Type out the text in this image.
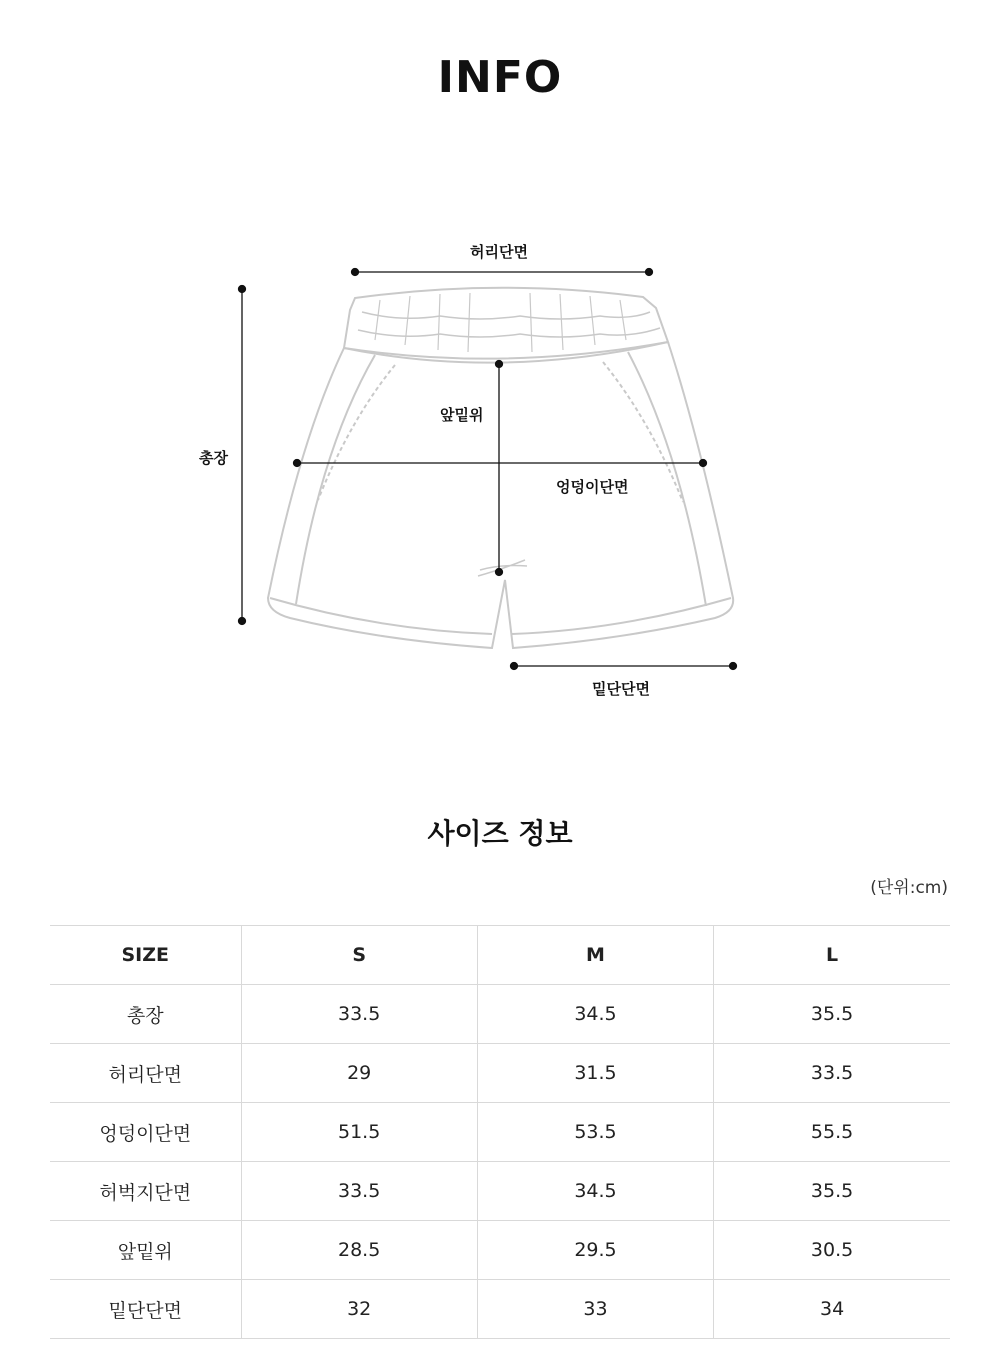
INFO
허리단면
총장
앞밑위
엉덩이단면
밑단단면
사이즈 정보
(단위:cm)
SIZE	S	M	L
총장	33.5	34.5	35.5
허리단면	29	31.5	33.5
엉덩이단면	51.5	53.5	55.5
허벅지단면	33.5	34.5	35.5
앞밑위	28.5	29.5	30.5
밑단단면	32	33	34
